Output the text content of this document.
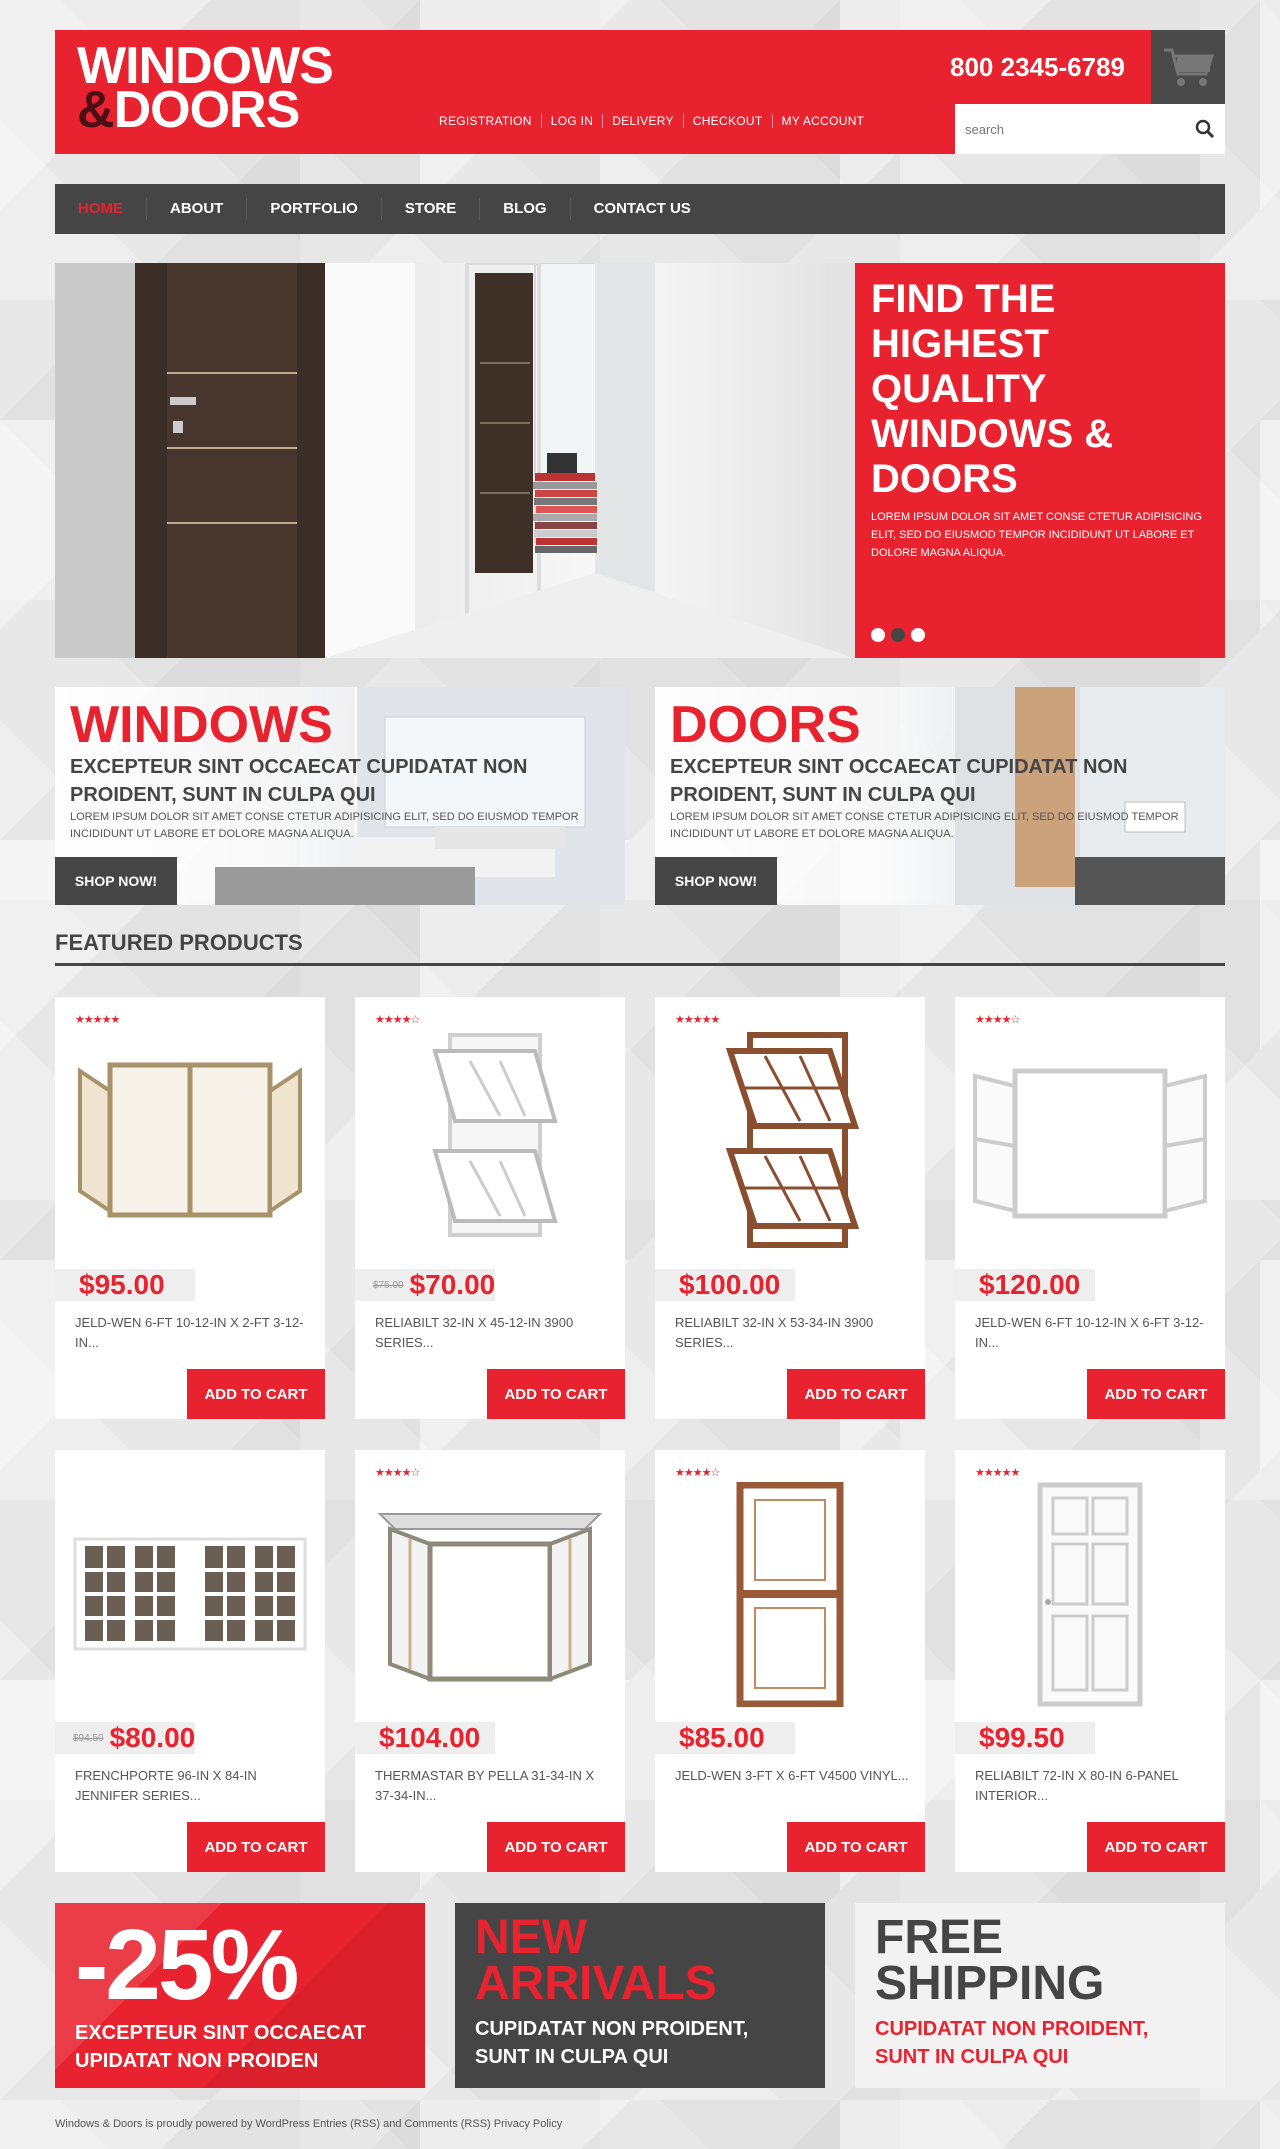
WINDOWS
&DOORS	REGISTRATION	LOG IN	DELIVERY	CHECKOUT	MY ACCOUNT
800 2345-6789
search
HOME	ABOUT	PORTFOLIO	STORE	BLOG	CONTACT US
FIND THE HIGHEST QUALITY WINDOWS & DOORS
LOREM IPSUM DOLOR SIT AMET CONSE CTETUR ADIPISICING ELIT, SED DO EIUSMOD TEMPOR INCIDIDUNT UT LABORE ET DOLORE MAGNA ALIQUA.
WINDOWS
EXCEPTEUR SINT OCCAECAT CUPIDATAT NON PROIDENT, SUNT IN CULPA QUI
LOREM IPSUM DOLOR SIT AMET CONSE CTETUR ADIPISICING ELIT, SED DO EIUSMOD TEMPOR INCIDIDUNT UT LABORE ET DOLORE MAGNA ALIQUA.
SHOP NOW!
DOORS
EXCEPTEUR SINT OCCAECAT CUPIDATAT NON PROIDENT, SUNT IN CULPA QUI
LOREM IPSUM DOLOR SIT AMET CONSE CTETUR ADIPISICING ELIT, SED DO EIUSMOD TEMPOR INCIDIDUNT UT LABORE ET DOLORE MAGNA ALIQUA.
SHOP NOW!
FEATURED PRODUCTS
★★★★★
$95.00
JELD-WEN 6-FT 10-12-IN X 2-FT 3-12-IN...
ADD TO CART
★★★★☆
$75.00 $70.00
RELIABILT 32-IN X 45-12-IN 3900 SERIES...
ADD TO CART
★★★★★
$100.00
RELIABILT 32-IN X 53-34-IN 3900 SERIES...
ADD TO CART
★★★★☆
$120.00
JELD-WEN 6-FT 10-12-IN X 6-FT 3-12-IN...
ADD TO CART
$94.50 $80.00
FRENCHPORTE 96-IN X 84-IN JENNIFER SERIES...
ADD TO CART
★★★★☆
$104.00
THERMASTAR BY PELLA 31-34-IN X 37-34-IN...
ADD TO CART
★★★★☆
$85.00
JELD-WEN 3-FT X 6-FT V4500 VINYL...
ADD TO CART
★★★★★
$99.50
RELIABILT 72-IN X 80-IN 6-PANEL INTERIOR...
ADD TO CART
-25%
EXCEPTEUR SINT OCCAECAT UPIDATAT NON PROIDEN
NEW ARRIVALS
CUPIDATAT NON PROIDENT, SUNT IN CULPA QUI
FREE SHIPPING
CUPIDATAT NON PROIDENT, SUNT IN CULPA QUI
Windows & Doors is proudly powered by WordPress Entries (RSS) and Comments (RSS) Privacy Policy
